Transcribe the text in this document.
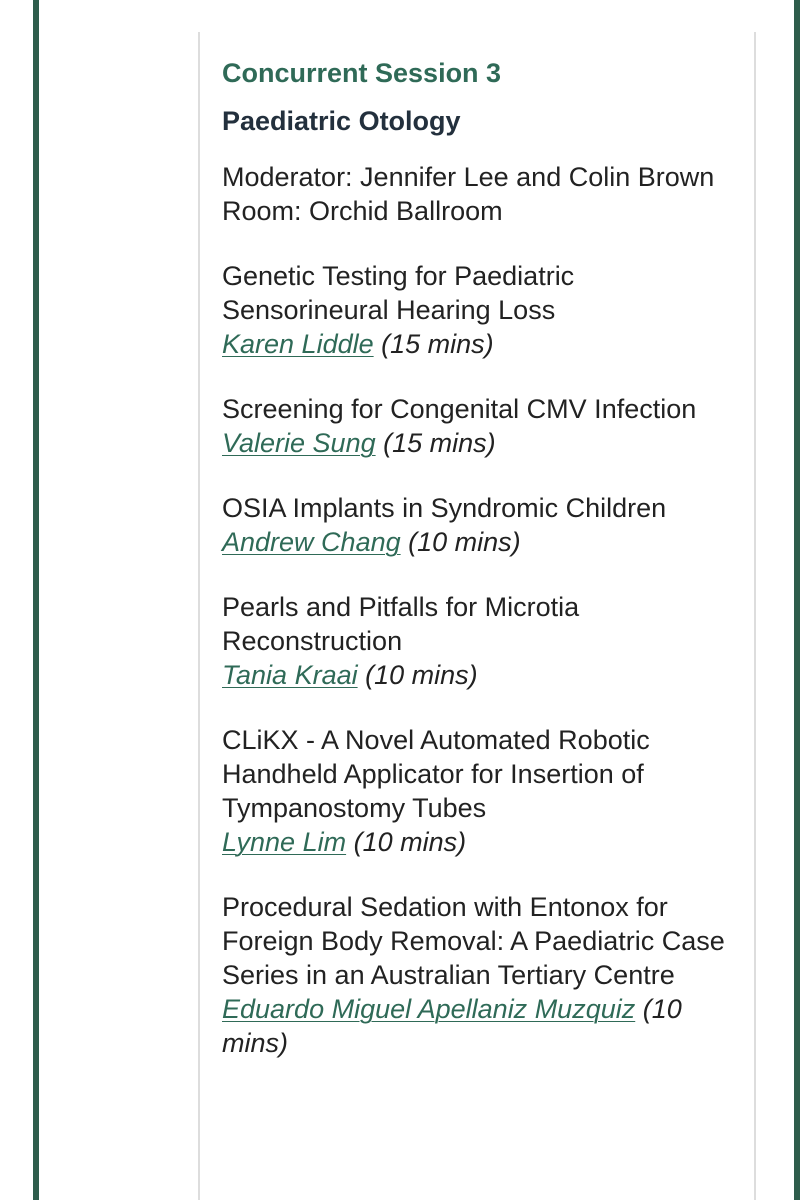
Concurrent Session 3
Paediatric Otology
Moderator: Jennifer Lee and Colin Brown
Room: Orchid Ballroom
Genetic Testing for Paediatric Sensorineural Hearing Loss
Karen Liddle (15 mins)
Screening for Congenital CMV Infection
Valerie Sung (15 mins)
OSIA Implants in Syndromic Children
Andrew Chang (10 mins)
Pearls and Pitfalls for Microtia Reconstruction
Tania Kraai (10 mins)
CLiKX - A Novel Automated Robotic Handheld Applicator for Insertion of Tympanostomy Tubes
Lynne Lim (10 mins)
Procedural Sedation with Entonox for Foreign Body Removal: A Paediatric Case Series in an Australian Tertiary Centre
Eduardo Miguel Apellaniz Muzquiz (10 mins)
